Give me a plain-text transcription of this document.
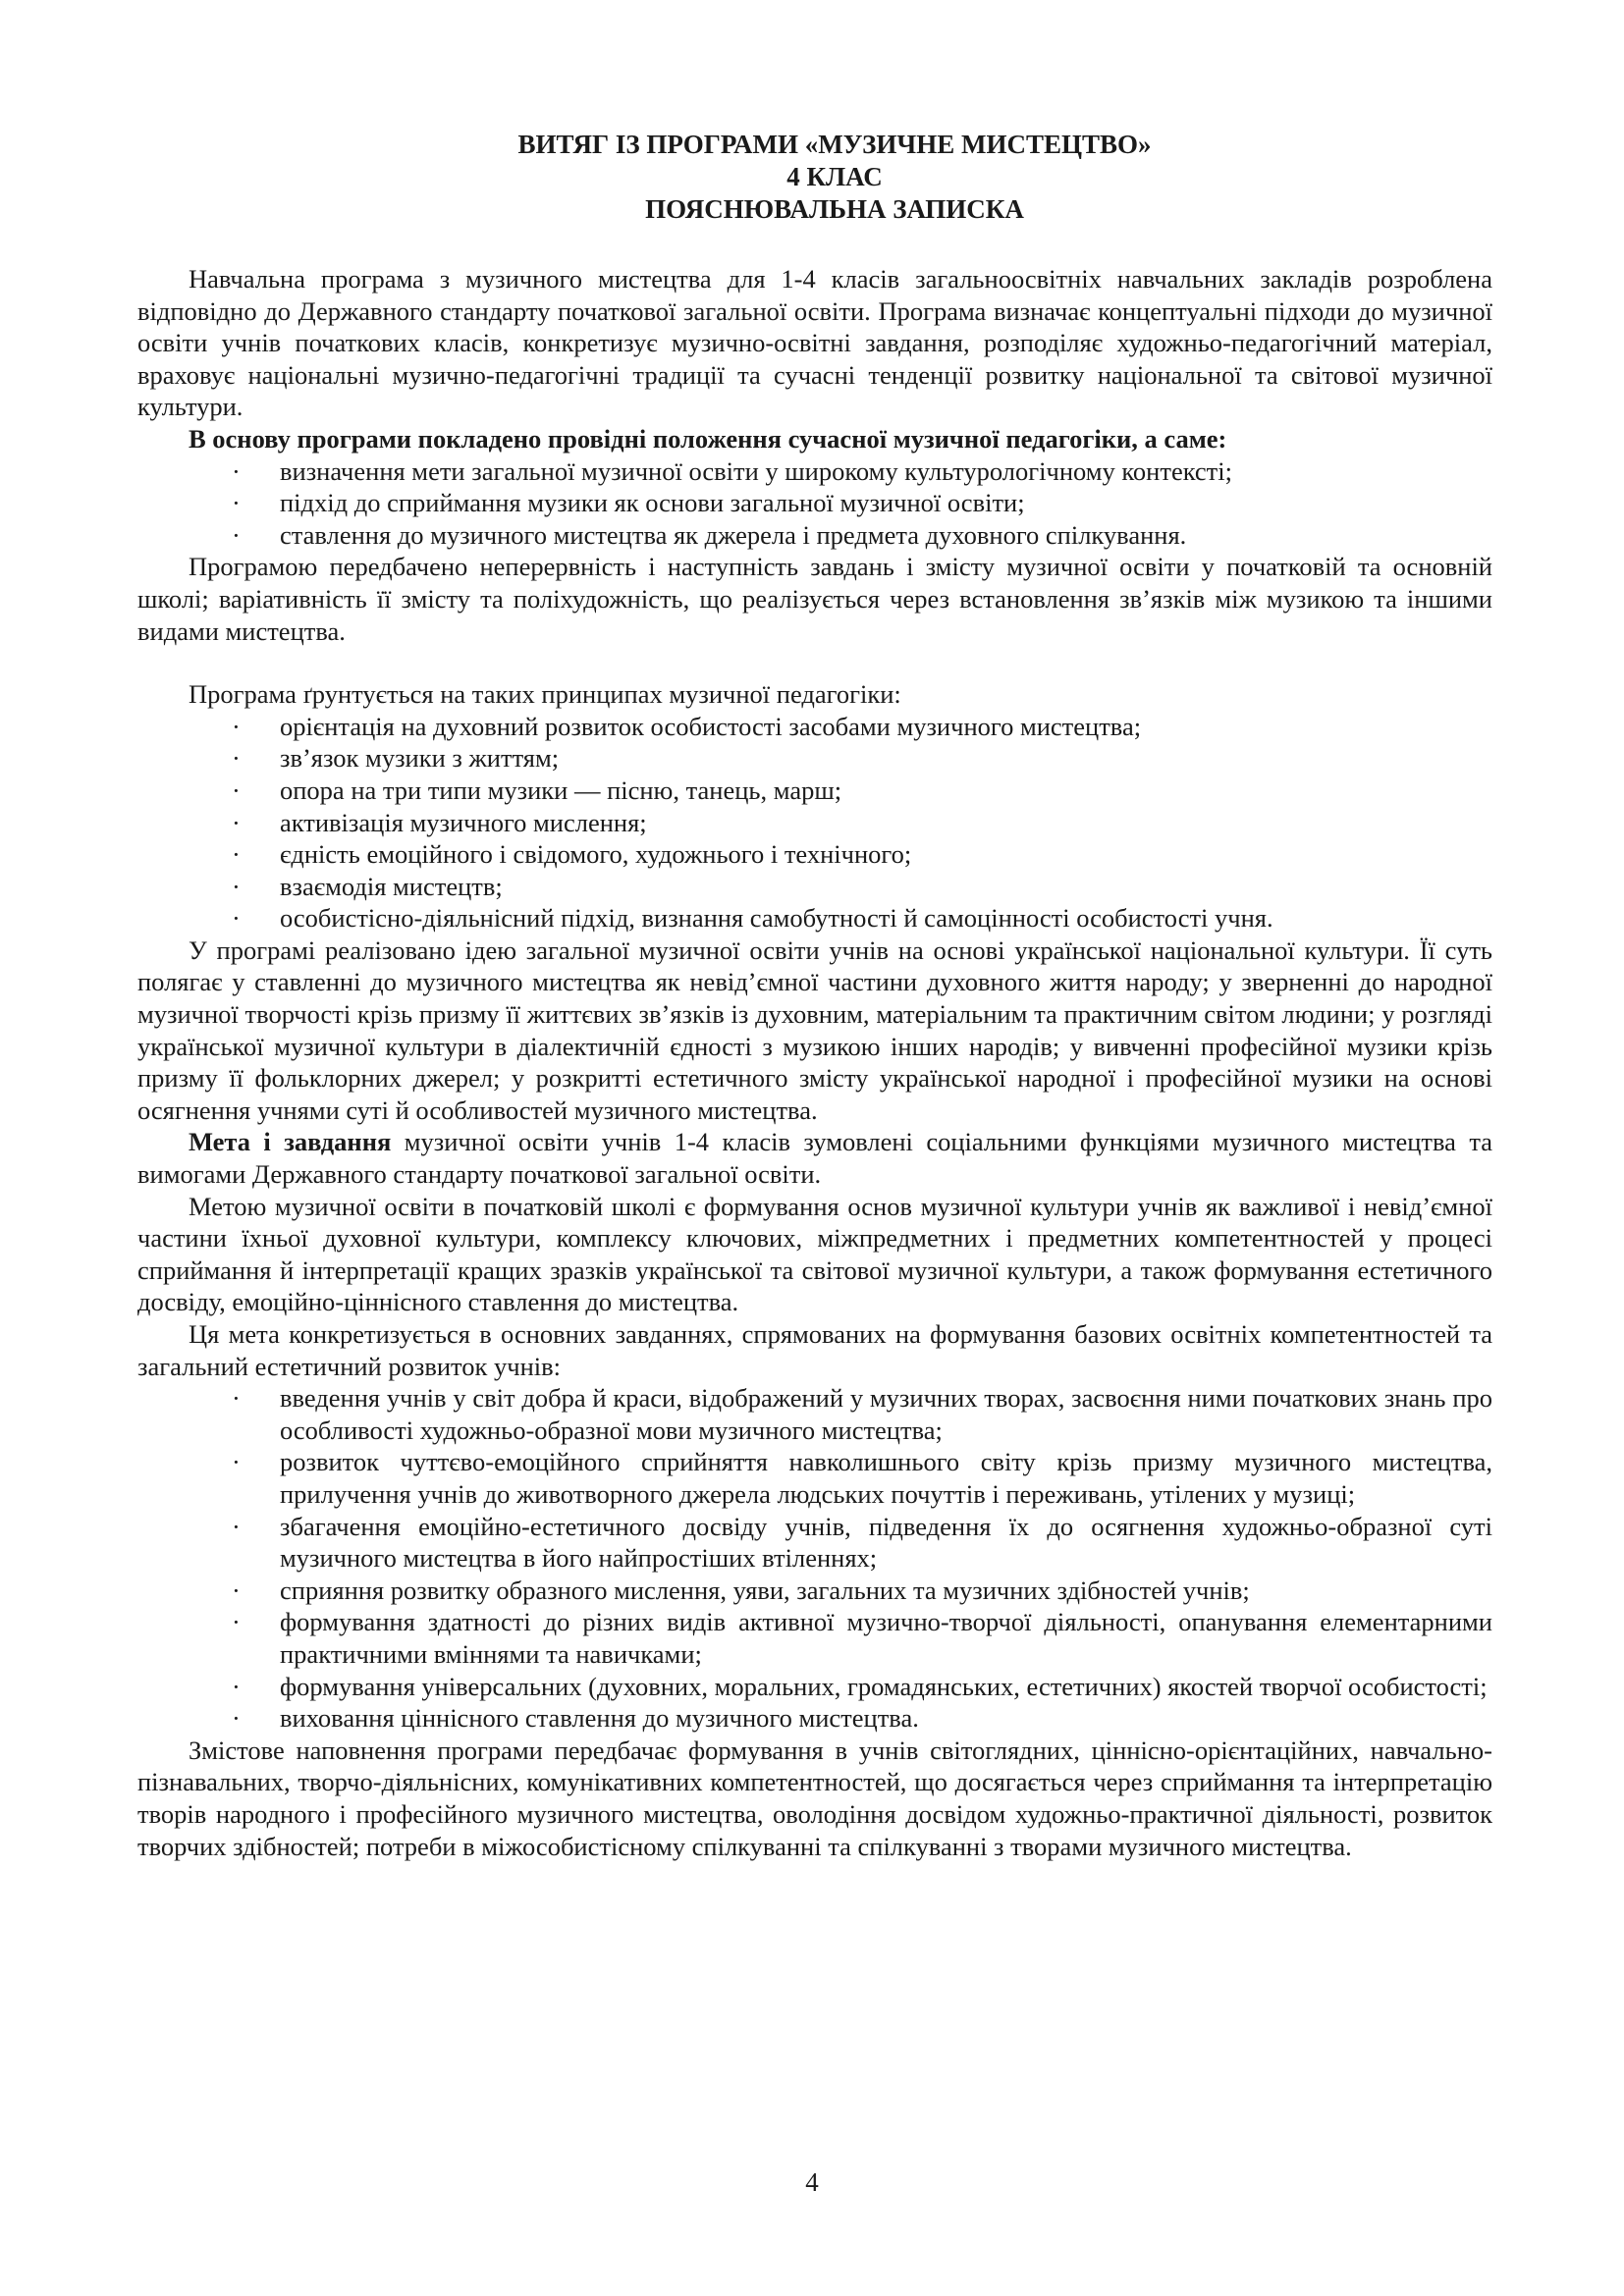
ВИТЯГ ІЗ ПРОГРАМИ «МУЗИЧНЕ МИСТЕЦТВО»
4 КЛАС
ПОЯСНЮВАЛЬНА ЗАПИСКА

Навчальна програма з музичного мистецтва для 1-4 класів загальноосвітніх навчальних закладів розроблена відповідно до Державного стандарту початкової загальної освіти. Програма визначає концептуальні підходи до музичної освіти учнів початкових класів, конкретизує музично-освітні завдання, розподіляє художньо-педагогічний матеріал, враховує національні музично-педагогічні традиції та сучасні тенденції розвитку національної та світової музичної культури.

В основу програми покладено провідні положення сучасної музичної педагогіки, а саме:

· визначення мети загальної музичної освіти у широкому культурологічному контексті;
· підхід до сприймання музики як основи загальної музичної освіти;
· ставлення до музичного мистецтва як джерела і предмета духовного спілкування.

Програмою передбачено неперервність і наступність завдань і змісту музичної освіти у початковій та основній школі; варіативність її змісту та поліхудожність, що реалізується через встановлення зв’язків між музикою та іншими видами мистецтва.

Програма ґрунтується на таких принципах музичної педагогіки:

· орієнтація на духовний розвиток особистості засобами музичного мистецтва;
· зв’язок музики з життям;
· опора на три типи музики — пісню, танець, марш;
· активізація музичного мислення;
· єдність емоційного і свідомого, художнього і технічного;
· взаємодія мистецтв;
· особистісно-діяльнісний підхід, визнання самобутності й самоцінності особистості учня.

У програмі реалізовано ідею загальної музичної освіти учнів на основі української національної культури. Її суть полягає у ставленні до музичного мистецтва як невід’ємної частини духовного життя народу; у зверненні до народної музичної творчості крізь призму її життєвих зв’язків із духовним, матеріальним та практичним світом людини; у розгляді української музичної культури в діалектичній єдності з музикою інших народів; у вивченні професійної музики крізь призму її фольклорних джерел; у розкритті естетичного змісту української народної і професійної музики на основі осягнення учнями суті й особливостей музичного мистецтва.

Мета і завдання музичної освіти учнів 1-4 класів зумовлені соціальними функціями музичного мистецтва та вимогами Державного стандарту початкової загальної освіти.

Метою музичної освіти в початковій школі є формування основ музичної культури учнів як важливої і невід’ємної частини їхньої духовної культури, комплексу ключових, міжпредметних і предметних компетентностей у процесі сприймання й інтерпретації кращих зразків української та світової музичної культури, а також формування естетичного досвіду, емоційно-ціннісного ставлення до мистецтва.

Ця мета конкретизується в основних завданнях, спрямованих на формування базових освітніх компетентностей та загальний естетичний розвиток учнів:

· введення учнів у світ добра й краси, відображений у музичних творах, засвоєння ними початкових знань про особливості художньо-образної мови музичного мистецтва;
· розвиток чуттєво-емоційного сприйняття навколишнього світу крізь призму музичного мистецтва, прилучення учнів до животворного джерела людських почуттів і переживань, утілених у музиці;
· збагачення емоційно-естетичного досвіду учнів, підведення їх до осягнення художньо-образної суті музичного мистецтва в його найпростіших втіленнях;
· сприяння розвитку образного мислення, уяви, загальних та музичних здібностей учнів;
· формування здатності до різних видів активної музично-творчої діяльності, опанування елементарними практичними вміннями та навичками;
· формування універсальних (духовних, моральних, громадянських, естетичних) якостей творчої особистості;
· виховання ціннісного ставлення до музичного мистецтва.

Змістове наповнення програми передбачає формування в учнів світоглядних, ціннісно-орієнтаційних, навчально-пізнавальних, творчо-діяльнісних, комунікативних компетентностей, що досягається через сприймання та інтерпретацію творів народного і професійного музичного мистецтва, оволодіння досвідом художньо-практичної діяльності, розвиток творчих здібностей; потреби в міжособистісному спілкуванні та спілкуванні з творами музичного мистецтва.

4
